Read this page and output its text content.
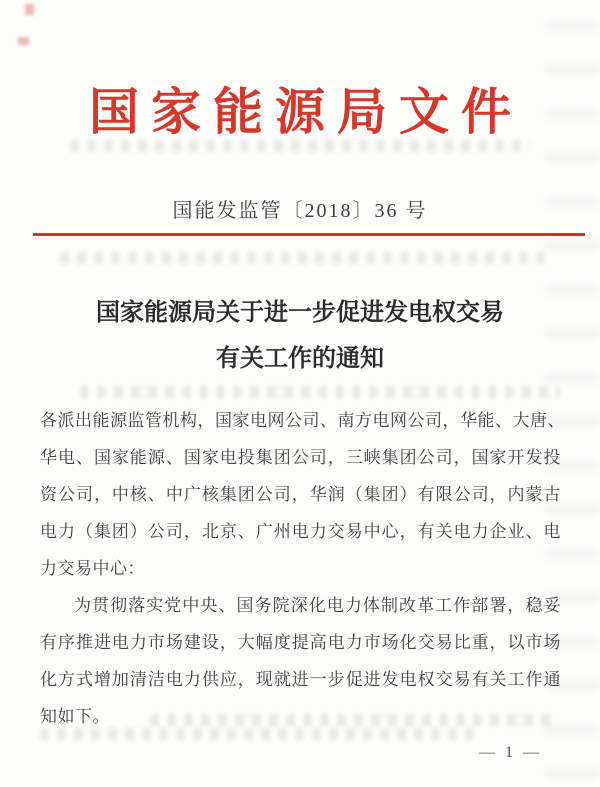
国家能源局文件
国能发监管〔2018〕36 号
国家能源局关于进一步促进发电权交易
有关工作的通知
各派出能源监管机构，国家电网公司、南方电网公司，华能、大唐、
华电、国家能源、国家电投集团公司，三峡集团公司，国家开发投
资公司，中核、中广核集团公司，华润（集团）有限公司，内蒙古
电力（集团）公司，北京、广州电力交易中心，有关电力企业、电
力交易中心：
为贯彻落实党中央、国务院深化电力体制改革工作部署，稳妥
有序推进电力市场建设，大幅度提高电力市场化交易比重，以市场
化方式增加清洁电力供应，现就进一步促进发电权交易有关工作通
知如下。
— 1 —
